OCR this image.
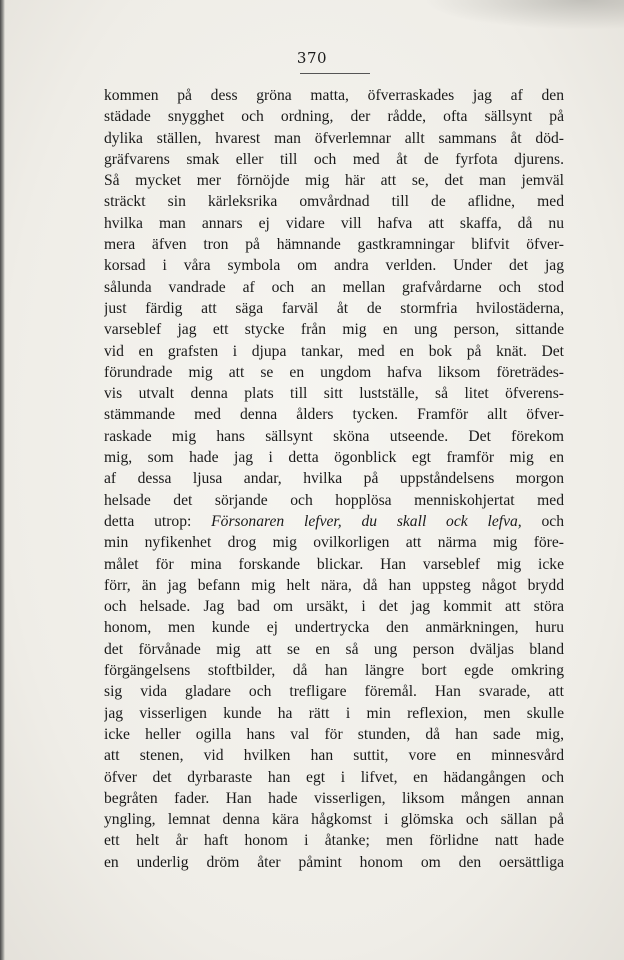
370
kommen på dess gröna matta, öfverraskades jag af den
städade snygghet och ordning, der rådde, ofta sällsynt på
dylika ställen, hvarest man öfverlemnar allt sammans åt död-
gräfvarens smak eller till och med åt de fyrfota djurens.
Så mycket mer förnöjde mig här att se, det man jemväl
sträckt sin kärleksrika omvårdnad till de aflidne, med
hvilka man annars ej vidare vill hafva att skaffa, då nu
mera äfven tron på hämnande gastkramningar blifvit öfver-
korsad i våra symbola om andra verlden. Under det jag
sålunda vandrade af och an mellan grafvårdarne och stod
just färdig att säga farväl åt de stormfria hvilostäderna,
varseblef jag ett stycke från mig en ung person, sittande
vid en grafsten i djupa tankar, med en bok på knät. Det
förundrade mig att se en ungdom hafva liksom företrädes-
vis utvalt denna plats till sitt lustställe, så litet öfverens-
stämmande med denna ålders tycken. Framför allt öfver-
raskade mig hans sällsynt sköna utseende. Det förekom
mig, som hade jag i detta ögonblick egt framför mig en
af dessa ljusa andar, hvilka på uppståndelsens morgon
helsade det sörjande och hopplösa menniskohjertat med
detta utrop: Försonaren lefver, du skall ock lefva, och
min nyfikenhet drog mig ovilkorligen att närma mig före-
målet för mina forskande blickar. Han varseblef mig icke
förr, än jag befann mig helt nära, då han uppsteg något brydd
och helsade. Jag bad om ursäkt, i det jag kommit att störa
honom, men kunde ej undertrycka den anmärkningen, huru
det förvånade mig att se en så ung person dväljas bland
förgängelsens stoftbilder, då han längre bort egde omkring
sig vida gladare och trefligare föremål. Han svarade, att
jag visserligen kunde ha rätt i min reflexion, men skulle
icke heller ogilla hans val för stunden, då han sade mig,
att stenen, vid hvilken han suttit, vore en minnesvård
öfver det dyrbaraste han egt i lifvet, en hädangången och
begråten fader. Han hade visserligen, liksom mången annan
yngling, lemnat denna kära hågkomst i glömska och sällan på
ett helt år haft honom i åtanke; men förlidne natt hade
en underlig dröm åter påmint honom om den oersättliga
